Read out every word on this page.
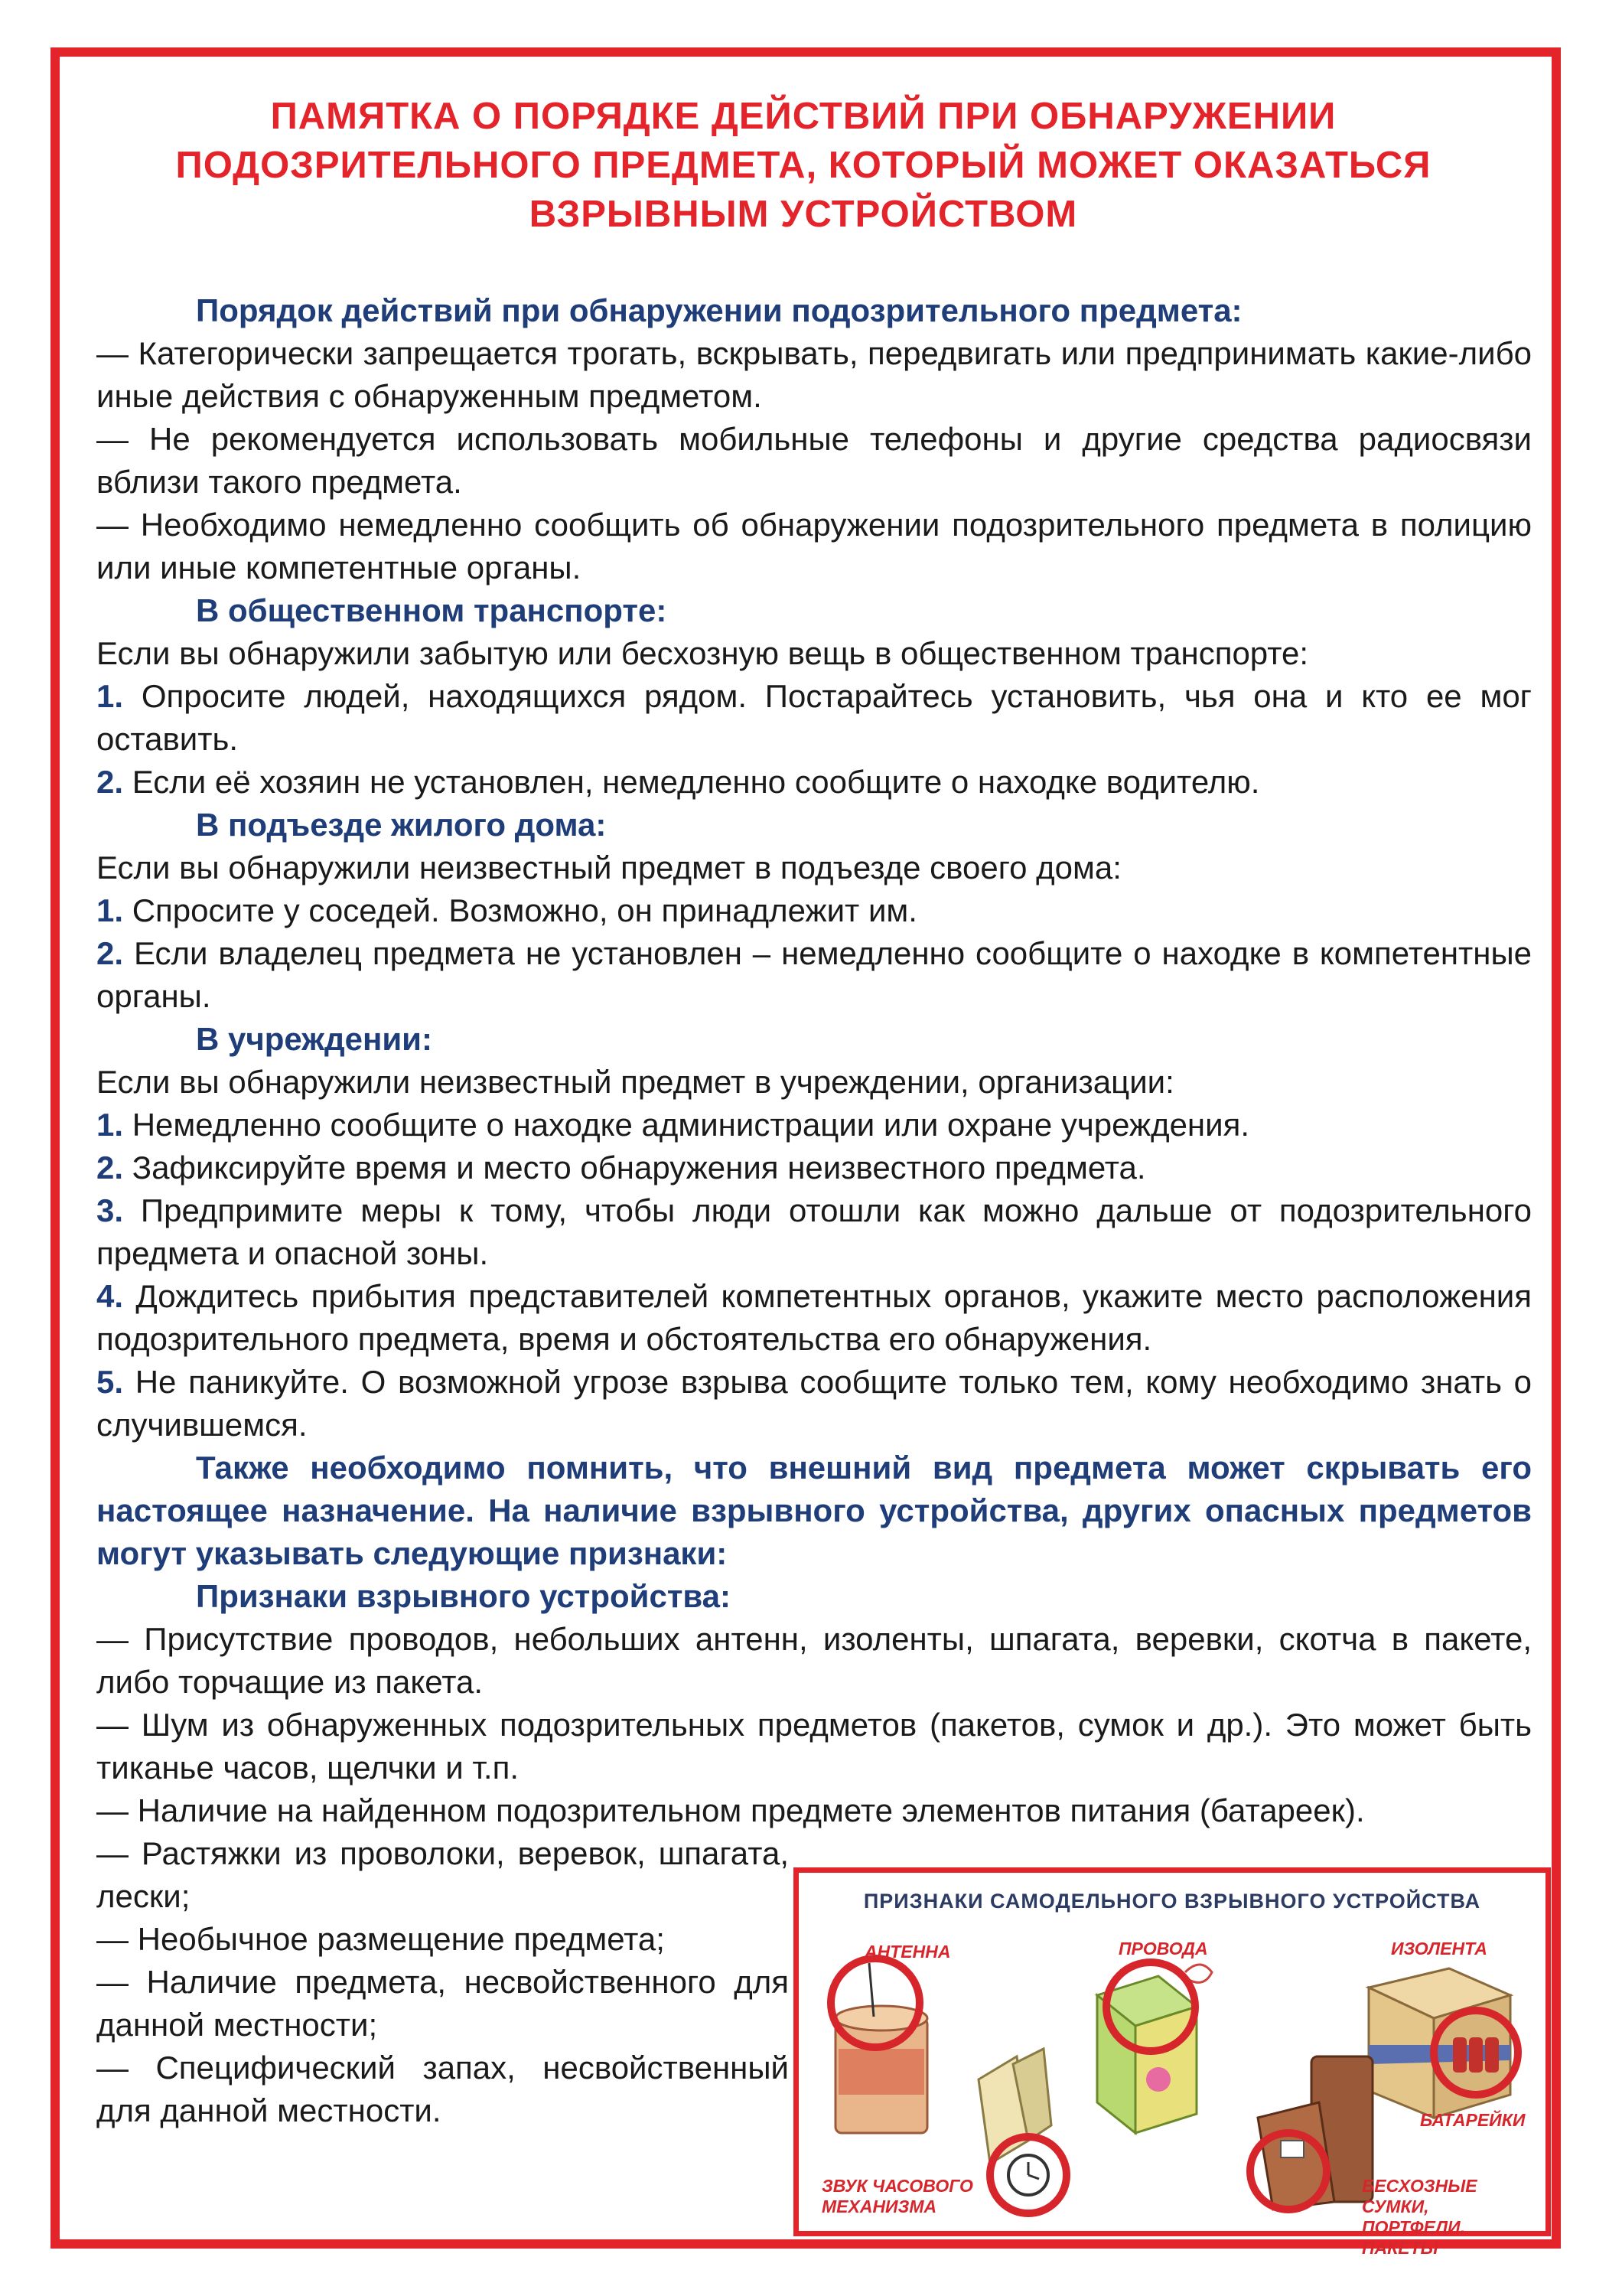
ПАМЯТКА О ПОРЯДКЕ ДЕЙСТВИЙ ПРИ ОБНАРУЖЕНИИ
ПОДОЗРИТЕЛЬНОГО ПРЕДМЕТА, КОТОРЫЙ МОЖЕТ ОКАЗАТЬСЯ
ВЗРЫВНЫМ УСТРОЙСТВОМ

Порядок действий при обнаружении подозрительного предмета:

— Категорически запрещается трогать, вскрывать, передвигать или предпринимать какие-либо иные действия с обнаруженным предметом.

— Не рекомендуется использовать мобильные телефоны и другие средства радиосвязи вблизи такого предмета.

— Необходимо немедленно сообщить об обнаружении подозрительного предмета в полицию или иные компетентные органы.

В общественном транспорте:

Если вы обнаружили забытую или бесхозную вещь в общественном транспорте:

1. Опросите людей, находящихся рядом. Постарайтесь установить, чья она и кто ее мог оставить.

2. Если её хозяин не установлен, немедленно сообщите о находке водителю.

В подъезде жилого дома:

Если вы обнаружили неизвестный предмет в подъезде своего дома:

1. Спросите у соседей. Возможно, он принадлежит им.

2. Если владелец предмета не установлен – немедленно сообщите о находке в компетентные органы.

В учреждении:

Если вы обнаружили неизвестный предмет в учреждении, организации:

1. Немедленно сообщите о находке администрации или охране учреждения.

2. Зафиксируйте время и место обнаружения неизвестного предмета.

3. Предпримите меры к тому, чтобы люди отошли как можно дальше от подозрительного предмета и опасной зоны.

4. Дождитесь прибытия представителей компетентных органов, укажите место расположения подозрительного предмета, время и обстоятельства его обнаружения.

5. Не паникуйте. О возможной угрозе взрыва сообщите только тем, кому необходимо знать о случившемся.

Также необходимо помнить, что внешний вид предмета может скрывать его настоящее назначение. На наличие взрывного устройства, других опасных предметов могут указывать следующие признаки:

Признаки взрывного устройства:

— Присутствие проводов, небольших антенн, изоленты, шпагата, веревки, скотча в пакете, либо торчащие из пакета.

— Шум из обнаруженных подозрительных предметов (пакетов, сумок и др.). Это может быть тиканье часов, щелчки и т.п.

— Наличие на найденном подозрительном предмете элементов питания (батареек).

— Растяжки из проволоки, веревок, шпагата, лески;

— Необычное размещение предмета;

— Наличие предмета, несвойственного для данной местности;

— Специфический запах, несвойственный для данной местности.

ПРИЗНАКИ САМОДЕЛЬНОГО ВЗРЫВНОГО УСТРОЙСТВА
АНТЕННА	ПРОВОДА	ИЗОЛЕНТА
БАТАРЕЙКИ
ЗВУК ЧАСОВОГО
МЕХАНИЗМА
БЕСХОЗНЫЕ СУМКИ,
ПОРТФЕЛИ, ПАКЕТЫ
